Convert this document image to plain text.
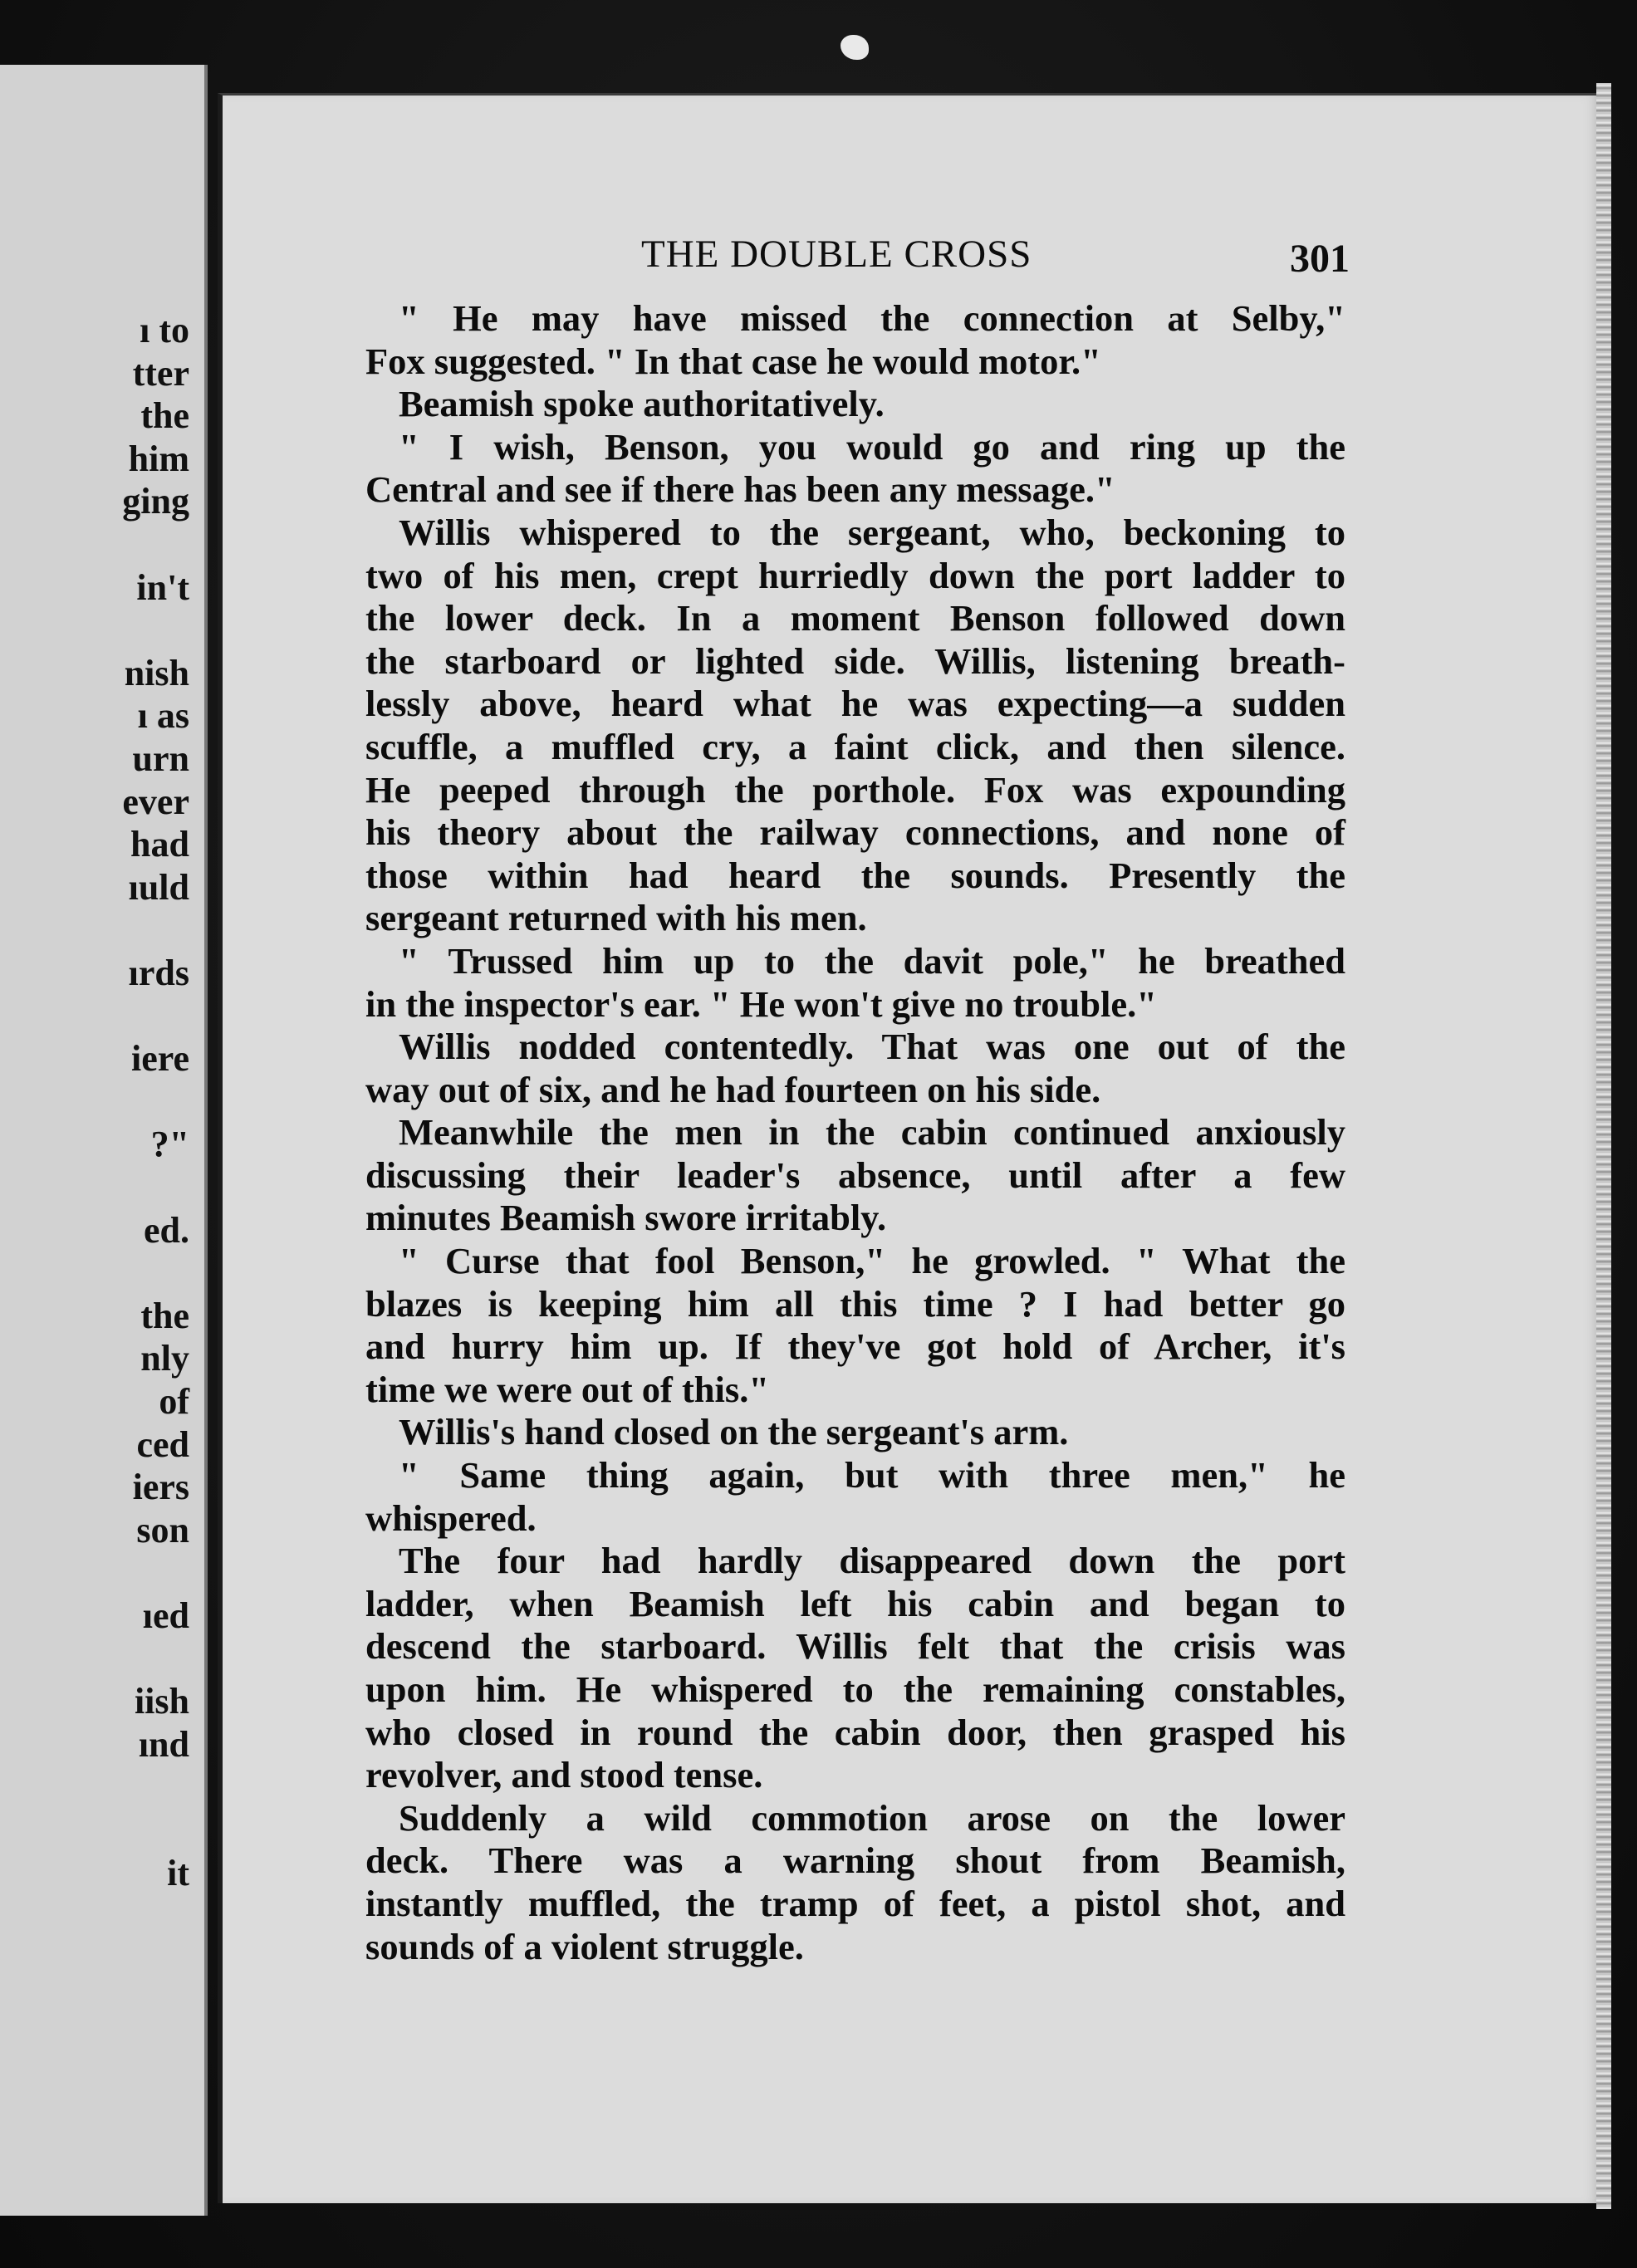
ı to
tter
the
him
ging
in't
nish
ı as
urn
ever
had
ıuld
ırds
iere
?"
ed.
the
nly
of
ced
iers
son
ıed
iish
ınd
it
THE DOUBLE CROSS	301
" He may have missed the connection at Selby,"
Fox suggested. " In that case he would motor."
Beamish spoke authoritatively.
" I wish, Benson, you would go and ring up the
Central and see if there has been any message."
Willis whispered to the sergeant, who, beckoning to
two of his men, crept hurriedly down the port ladder to
the lower deck. In a moment Benson followed down
the starboard or lighted side. Willis, listening breath-
lessly above, heard what he was expecting—a sudden
scuffle, a muffled cry, a faint click, and then silence.
He peeped through the porthole. Fox was expounding
his theory about the railway connections, and none of
those within had heard the sounds. Presently the
sergeant returned with his men.
" Trussed him up to the davit pole," he breathed
in the inspector's ear. " He won't give no trouble."
Willis nodded contentedly. That was one out of the
way out of six, and he had fourteen on his side.
Meanwhile the men in the cabin continued anxiously
discussing their leader's absence, until after a few
minutes Beamish swore irritably.
" Curse that fool Benson," he growled. " What the
blazes is keeping him all this time ? I had better go
and hurry him up. If they've got hold of Archer, it's
time we were out of this."
Willis's hand closed on the sergeant's arm.
" Same thing again, but with three men," he
whispered.
The four had hardly disappeared down the port
ladder, when Beamish left his cabin and began to
descend the starboard. Willis felt that the crisis was
upon him. He whispered to the remaining constables,
who closed in round the cabin door, then grasped his
revolver, and stood tense.
Suddenly a wild commotion arose on the lower
deck. There was a warning shout from Beamish,
instantly muffled, the tramp of feet, a pistol shot, and
sounds of a violent struggle.
